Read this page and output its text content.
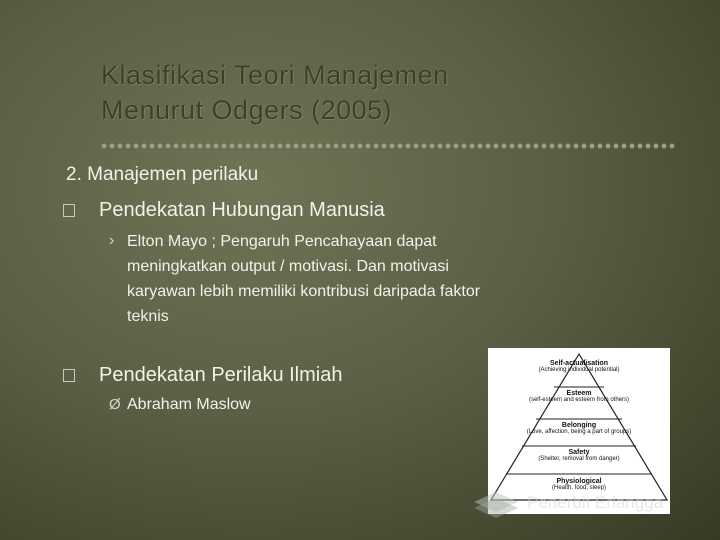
Klasifikasi Teori Manajemen
Menurut Odgers (2005)
2. Manajemen perilaku
Pendekatan Hubungan Manusia
› Elton Mayo ; Pengaruh Pencahayaan dapat
meningkatkan output / motivasi. Dan motivasi
karyawan lebih memiliki kontribusi daripada faktor
teknis
Pendekatan Perilaku Ilmiah
Ø Abraham Maslow
Self-actualisation
(Achieving individual potential)
Esteem
(self-esteem and esteem from others)
Belonging
(Love, affection, being a part of groups)
Safety
(Shelter, removal from danger)
Physiological
(Health, food, sleep)
Penerbit Erlangga
